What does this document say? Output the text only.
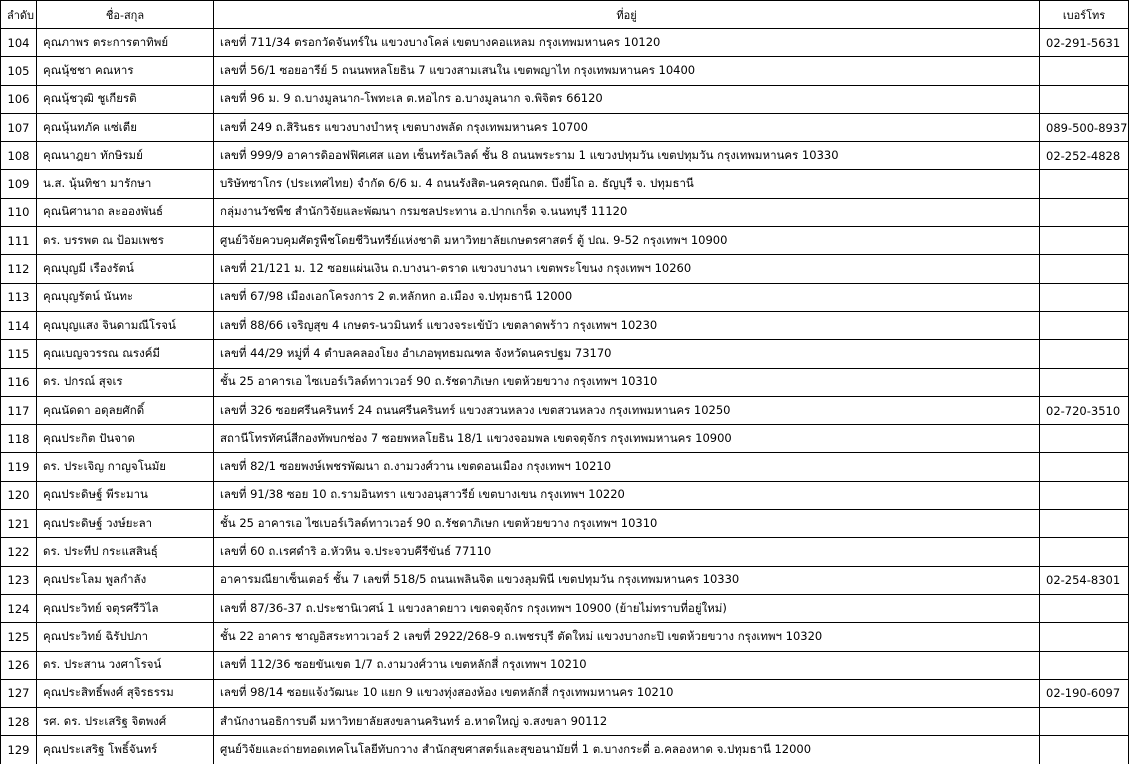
ลำดับ	ชื่อ-สกุล	ที่อยู่	เบอร์โทร
104	คุณภาพร ตระการตาทิพย์	เลขที่ 711/34 ตรอกวัดจันทร์ใน แขวงบางโคล่ เขตบางคอแหลม กรุงเทพมหานคร 10120	02-291-5631
105	คุณนุ้ชชา คณหาร	เลขที่ 56/1 ซอยอารีย์ 5 ถนนพหลโยธิน 7 แขวงสามเสนใน เขตพญาไท กรุงเทพมหานคร 10400	
106	คุณนุ้ชวุฒิ ชูเกียรติ	เลขที่ 96 ม. 9 ถ.บางมูลนาก-โพทะเล ต.หอไกร อ.บางมูลนาก จ.พิจิตร 66120	
107	คุณนุ้นทภัค แซ่เตีย	เลขที่ 249 ถ.สิรินธร แขวงบางบำหรุ เขตบางพลัด กรุงเทพมหานคร 10700	089-500-8937
108	คุณนาฎยา ทักษิรมย์	เลขที่ 999/9 อาคารดิออฟฟิศเศส แอท เซ็นทรัลเวิลด์ ชั้น 8 ถนนพระราม 1 แขวงปทุมวัน เขตปทุมวัน กรุงเทพมหานคร 10330	02-252-4828
109	น.ส. นุ้นทิชา มารักษา	บริษัทซาโกร (ประเทศไทย) จำกัด 6/6 ม. 4 ถนนรังสิต-นครคุณกต. บึงยี่โถ อ. ธัญบุรี จ. ปทุมธานี	
110	คุณนิศานาถ ละอองพันธ์	กลุ่มงานวัชพืช สำนักวิจัยและพัฒนา กรมชลประทาน อ.ปากเกร็ด จ.นนทบุรี 11120	
111	ดร. บรรพต ณ ป้อมเพชร	ศูนย์วิจัยควบคุมศัตรูพืชโดยชีวินทรีย์แห่งชาติ มหาวิทยาลัยเกษตรศาสตร์ ตู้ ปณ. 9-52 กรุงเทพฯ 10900	
112	คุณบุญมี เรืองรัตน์	เลขที่ 21/121 ม. 12 ซอยแผ่นเงิน ถ.บางนา-ตราด แขวงบางนา เขตพระโขนง กรุงเทพฯ 10260	
113	คุณบุญรัตน์ นันทะ	เลขที่ 67/98 เมืองเอกโครงการ 2 ต.หลักหก อ.เมือง จ.ปทุมธานี 12000	
114	คุณบุญแสง จินดามณีโรจน์	เลขที่ 88/66 เจริญสุข 4 เกษตร-นวมินทร์ แขวงจระเข้บัว เขตลาดพร้าว กรุงเทพฯ 10230	
115	คุณเบญจวรรณ ณรงค์มี	เลขที่ 44/29 หมู่ที่ 4 ตำบลคลองโยง อำเภอพุทธมณฑล จังหวัดนครปฐม 73170	
116	ดร. ปกรณ์ สุจเร	ชั้น 25 อาคารเอ ไซเบอร์เวิลด์ทาวเวอร์ 90 ถ.รัชดาภิเษก เขตห้วยขวาง กรุงเทพฯ 10310	
117	คุณนัดดา อดุลยศักดิ์	เลขที่ 326 ซอยศรีนครินทร์ 24 ถนนศรีนครินทร์ แขวงสวนหลวง เขตสวนหลวง กรุงเทพมหานคร 10250	02-720-3510
118	คุณประกิต ปันจาด	สถานีโทรทัศน์สีกองทัพบกช่อง 7 ซอยพหลโยธิน 18/1 แขวงจอมพล เขตจตุจักร กรุงเทพมหานคร 10900	
119	ดร. ประเจิญ กาญจโนมัย	เลขที่ 82/1 ซอยพงษ์เพชรพัฒนา ถ.งามวงศ์วาน เขตดอนเมือง กรุงเทพฯ 10210	
120	คุณประดิษฐ์ พีระมาน	เลขที่ 91/38 ซอย 10 ถ.รามอินทรา แขวงอนุสาวรีย์ เขตบางเขน กรุงเทพฯ 10220	
121	คุณประดิษฐ์ วงษ์ยะลา	ชั้น 25 อาคารเอ ไซเบอร์เวิลด์ทาวเวอร์ 90 ถ.รัชดาภิเษก เขตห้วยขวาง กรุงเทพฯ 10310	
122	ดร. ประทีป กระแสสินธุ์	เลขที่ 60 ถ.เรศดำริ อ.หัวหิน จ.ประจวบคีรีขันธ์ 77110	
123	คุณประโลม พูลกำลัง	อาคารมณียาเซ็นเตอร์ ชั้น 7 เลขที่ 518/5 ถนนเพลินจิต แขวงลุมพินี เขตปทุมวัน กรุงเทพมหานคร 10330	02-254-8301
124	คุณประวิทย์ จตุรศรีวิไล	เลขที่ 87/36-37 ถ.ประชานิเวศน์ 1 แขวงลาดยาว เขตจตุจักร กรุงเทพฯ 10900 (ย้ายไม่ทราบที่อยู่ใหม่)	
125	คุณประวิทย์ ฉิรัปปภา	ชั้น 22 อาคาร ชาญอิสระทาวเวอร์ 2 เลขที่ 2922/268-9 ถ.เพชรบุรี ตัดใหม่ แขวงบางกะปิ เขตห้วยขวาง กรุงเทพฯ 10320	
126	ดร. ประสาน วงศาโรจน์	เลขที่ 112/36 ซอยขันเขต 1/7 ถ.งามวงศ์วาน เขตหลักสี่ กรุงเทพฯ 10210	
127	คุณประสิทธิ์พงศ์ สุจิรธรรม	เลขที่ 98/14 ซอยแจ้งวัฒนะ 10 แยก 9 แขวงทุ่งสองห้อง เขตหลักสี่ กรุงเทพมหานคร 10210	02-190-6097
128	รศ. ดร. ประเสริฐ จิตพงศ์	สำนักงานอธิการบดี มหาวิทยาลัยสงขลานครินทร์ อ.หาดใหญ่ จ.สงขลา 90112	
129	คุณประเสริฐ โพธิ์จันทร์	ศูนย์วิจัยและถ่ายทอดเทคโนโลยีทับกวาง สำนักสุขศาสตร์และสุขอนามัยที่ 1 ต.บางกระดี่ อ.คลองหาด จ.ปทุมธานี 12000	
